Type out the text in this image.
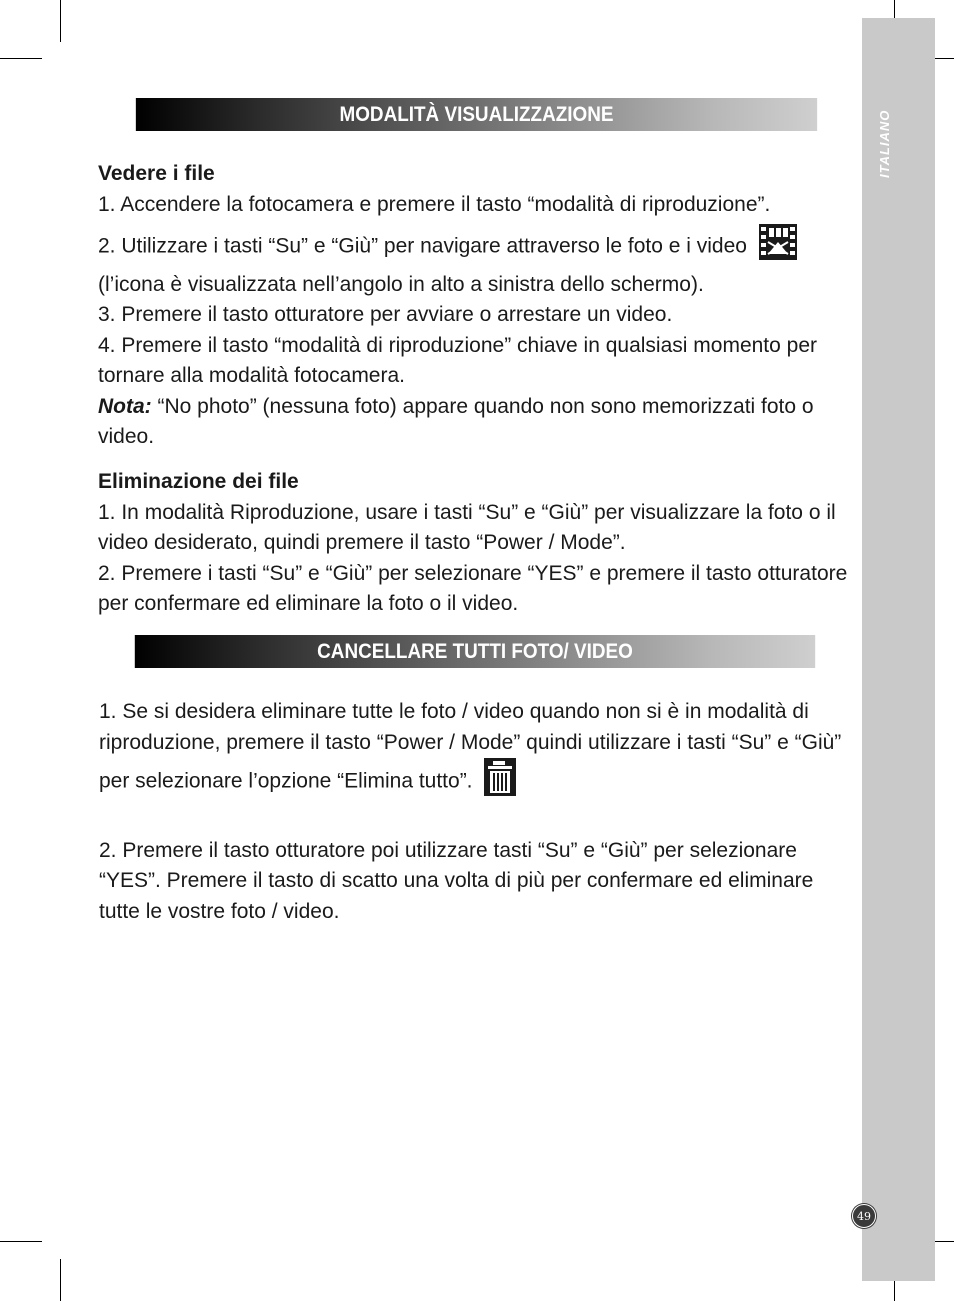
ITALIANO
MODALITÀ VISUALIZZAZIONE

Vedere i file

1. Accendere la fotocamera e premere il tasto “modalità di riproduzione”.

2. Utilizzare i tasti “Su” e “Giù” per navigare attraverso le foto e i video  (l’icona è visualizzata nell’angolo in alto a sinistra dello schermo).

3. Premere il tasto otturatore per avviare o arrestare un video.

4. Premere il tasto “modalità di riproduzione” chiave in qualsiasi momento per tornare alla modalità fotocamera.

Nota: “No photo” (nessuna foto) appare quando non sono memorizzati foto o video.

Eliminazione dei file

1. In modalità Riproduzione, usare i tasti “Su” e “Giù” per visualizzare la foto o il video desiderato, quindi premere il tasto “Power / Mode”.

2. Premere i tasti “Su” e “Giù” per selezionare “YES” e premere il tasto otturatore per confermare ed eliminare la foto o il video.

CANCELLARE TUTTI FOTO/ VIDEO

1. Se si desidera eliminare tutte le foto / video quando non si è in modalità di riproduzione, premere il tasto “Power / Mode” quindi utilizzare i tasti “Su” e “Giù” per selezionare l’opzione “Elimina tutto”.

2. Premere il tasto otturatore poi utilizzare tasti “Su” e “Giù” per selezionare “YES”. Premere il tasto di scatto una volta di più per confermare ed eliminare tutte le vostre foto / video.

49
